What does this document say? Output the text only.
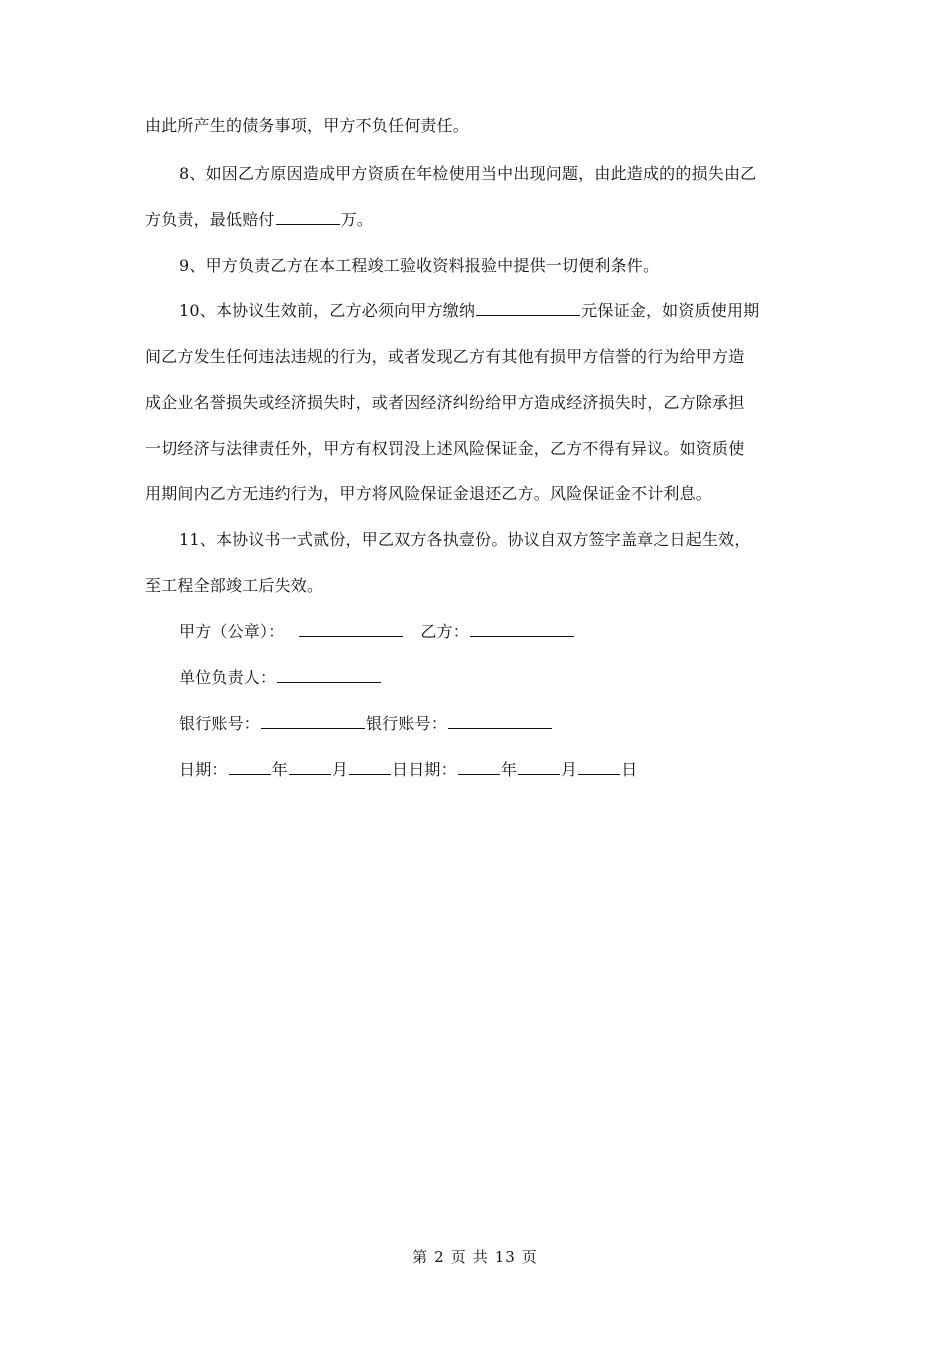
由此所产生的债务事项，甲方不负任何责任。
8、如因乙方原因造成甲方资质在年检使用当中出现问题，由此造成的的损失由乙
方负责，最低赔付	万。
9、甲方负责乙方在本工程竣工验收资料报验中提供一切便利条件。
10、本协议生效前，乙方必须向甲方缴纳	元保证金，如资质使用期
间乙方发生任何违法违规的行为，或者发现乙方有其他有损甲方信誉的行为给甲方造
成企业名誉损失或经济损失时，或者因经济纠纷给甲方造成经济损失时，乙方除承担
一切经济与法律责任外，甲方有权罚没上述风险保证金，乙方不得有异议。如资质使
用期间内乙方无违约行为，甲方将风险保证金退还乙方。风险保证金不计利息。
11、本协议书一式贰份，甲乙双方各执壹份。协议自双方签字盖章之日起生效，
至工程全部竣工后失效。
甲方（公章）：	乙方：
单位负责人：
银行账号：	银行账号：
日期：	年	月	日日期：	年	月	日
第 2 页 共 13 页
